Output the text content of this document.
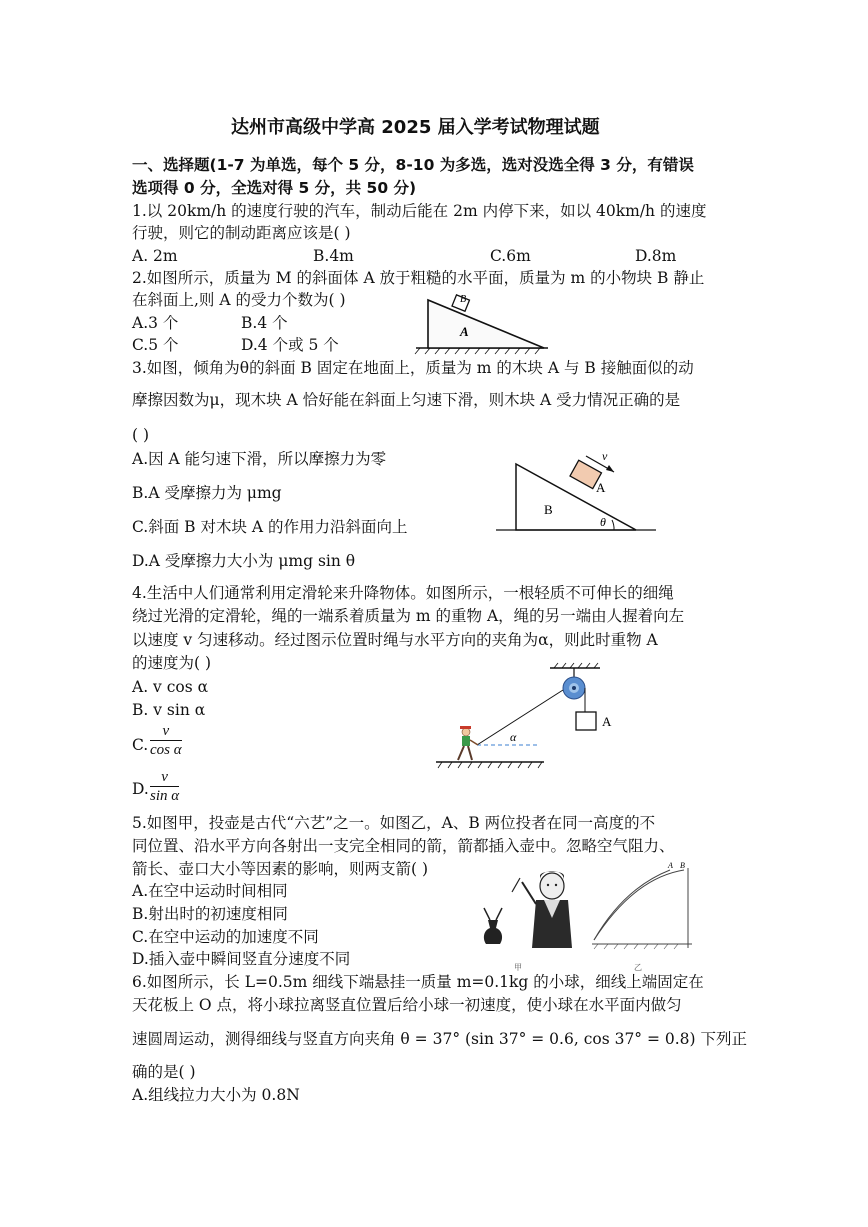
达州市高级中学高 2025 届入学考试物理试题
一、选择题(1-7 为单选，每个 5 分，8-10 为多选，选对没选全得 3 分，有错误
选项得 0 分，全选对得 5 分，共 50 分)
1.以 20km/h 的速度行驶的汽车，制动后能在 2m 内停下来，如以 40km/h 的速度
行驶，则它的制动距离应该是( )
A. 2m	B.4m	C.6m	D.8m
2.如图所示，质量为 M 的斜面体 A 放于粗糙的水平面，质量为 m 的小物块 B 静止
在斜面上,则 A 的受力个数为( )
A.3 个	B.4 个
C.5 个	D.4 个或 5 个
B
A
3.如图，倾角为θ的斜面 B 固定在地面上，质量为 m 的木块 A 与 B 接触面似的动
摩擦因数为μ，现木块 A 恰好能在斜面上匀速下滑，则木块 A 受力情况正确的是
( )
A.因 A 能匀速下滑，所以摩擦力为零
B.A 受摩擦力为 μmg
C.斜面 B 对木块 A 的作用力沿斜面向上
D.A 受摩擦力大小为 μmg sin θ
v
A
B
θ
4.生活中人们通常利用定滑轮来升降物体。如图所示，一根轻质不可伸长的细绳
绕过光滑的定滑轮，绳的一端系着质量为 m 的重物 A，绳的另一端由人握着向左
以速度 v 匀速移动。经过图示位置时绳与水平方向的夹角为α，则此时重物 A
的速度为( )
A. v cos α
B. v sin α
C. $\frac{v}{\text{cos α}}$
D. $\frac{v}{\text{sin α}}$
A
α
5.如图甲，投壶是古代“六艺”之一。如图乙，A、B 两位投者在同一高度的不
同位置、沿水平方向各射出一支完全相同的箭，箭都插入壶中。忽略空气阻力、
箭长、壶口大小等因素的影响，则两支箭( )
A.在空中运动时间相同
B.射出时的初速度相同
C.在空中运动的加速度不同
D.插入壶中瞬间竖直分速度不同
A B
甲	乙
6.如图所示，长 L=0.5m 细线下端悬挂一质量 m=0.1kg 的小球，细线上端固定在
天花板上 O 点，将小球拉离竖直位置后给小球一初速度，使小球在水平面内做匀
速圆周运动，测得细线与竖直方向夹角 θ = 37° (sin 37° = 0.6, cos 37° = 0.8) 下列正
确的是( )
A.组线拉力大小为 0.8N
